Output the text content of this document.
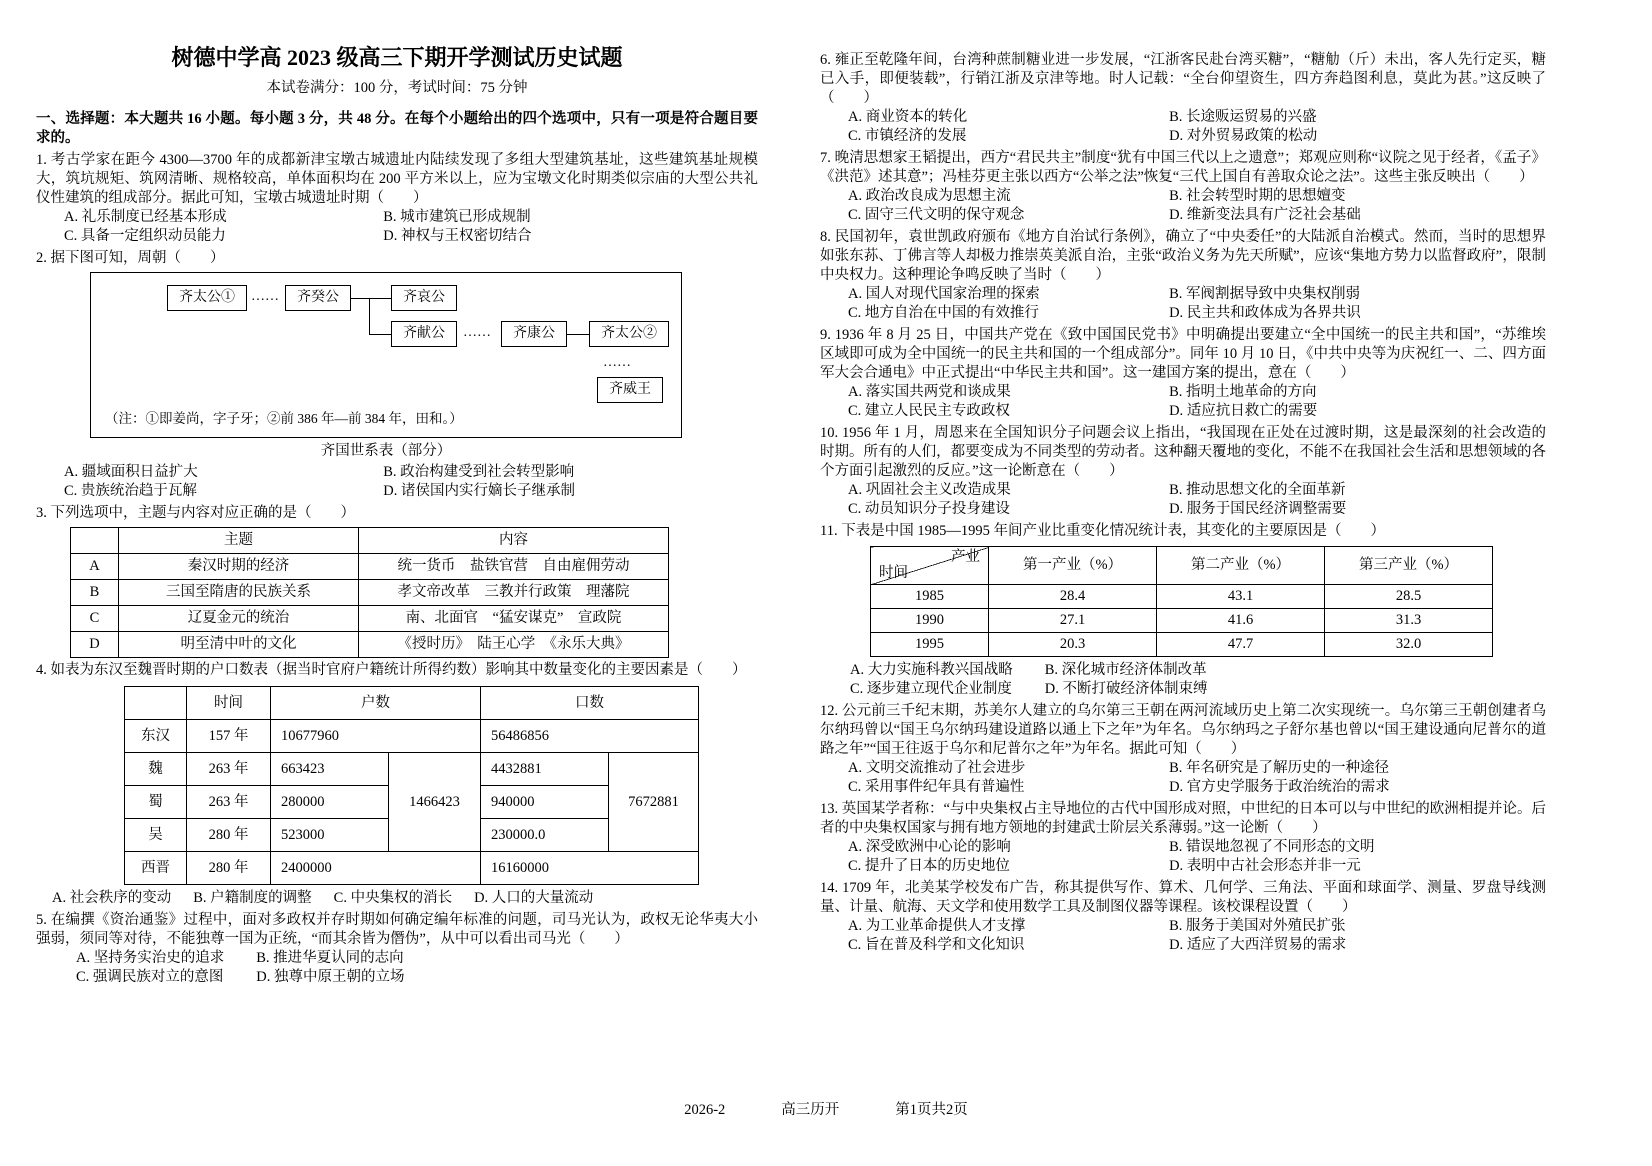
树德中学高 2023 级高三下期开学测试历史试题

本试卷满分：100 分，考试时间：75 分钟

一、选择题：本大题共 16 小题。每小题 3 分，共 48 分。在每个小题给出的四个选项中，只有一项是符合题目要求的。

1. 考古学家在距今 4300—3700 年的成都新津宝墩古城遗址内陆续发现了多组大型建筑基址，这些建筑基址规模大，筑坑规矩、筑网清晰、规格较高，单体面积均在 200 平方米以上，应为宝墩文化时期类似宗庙的大型公共礼仪性建筑的组成部分。据此可知，宝墩古城遗址时期（　　）

A. 礼乐制度已经基本形成	B. 城市建筑已形成规制
C. 具备一定组织动员能力	D. 神权与王权密切结合

2. 据下图可知，周朝（　　）

齐太公①	……	齐癸公	齐哀公
齐献公	……	齐康公	齐太公②
……
齐威王
（注：①即姜尚，字子牙；②前 386 年—前 384 年，田和。）
齐国世系表（部分）
A. 疆域面积日益扩大	B. 政治构建受到社会转型影响
C. 贵族统治趋于瓦解	D. 诸侯国内实行嫡长子继承制

3. 下列选项中，主题与内容对应正确的是（　　）

	主题	内容
A	秦汉时期的经济	统一货币　盐铁官营　自由雇佣劳动
B	三国至隋唐的民族关系	孝文帝改革　三教并行政策　理藩院
C	辽夏金元的统治	南、北面官　“猛安谋克”　宣政院
D	明至清中叶的文化	《授时历》　陆王心学　《永乐大典》

4. 如表为东汉至魏晋时期的户口数表（据当时官府户籍统计所得约数）影响其中数量变化的主要因素是（　　）

	时间	户数		口数	
东汉	157 年	10677960		56486856	
魏	263 年	663423	1466423	4432881	7672881
蜀	263 年	280000		940000	
吴	280 年	523000		230000.0	
西晋	280 年	2400000		16160000	
A. 社会秩序的变动 B. 户籍制度的调整 C. 中央集权的消长 D. 人口的大量流动

5. 在编撰《资治通鉴》过程中，面对多政权并存时期如何确定编年标准的问题，司马光认为，政权无论华夷大小强弱，须同等对待，不能独尊一国为正统，“而其余皆为僭伪”，从中可以看出司马光（　　）

A. 坚持务实治史的追求 B. 推进华夏认同的志向
C. 强调民族对立的意图 D. 独尊中原王朝的立场

6. 雍正至乾隆年间，台湾种蔗制糖业进一步发展，“江浙客民赴台湾买糖”，“糖觔（斤）未出，客人先行定买，糖已入手，即便装载”，行销江浙及京津等地。时人记载：“全台仰望资生，四方奔趋图利息，莫此为甚。”这反映了（　　）

A. 商业资本的转化	B. 长途贩运贸易的兴盛
C. 市镇经济的发展	D. 对外贸易政策的松动

7. 晚清思想家王韬提出，西方“君民共主”制度“犹有中国三代以上之遗意”；郑观应则称“议院之见于经者，《孟子》《洪范》述其意”；冯桂芬更主张以西方“公举之法”恢复“三代上国自有善取众论之法”。这些主张反映出（　　）

A. 政治改良成为思想主流	B. 社会转型时期的思想嬗变
C. 固守三代文明的保守观念	D. 维新变法具有广泛社会基础

8. 民国初年，袁世凯政府颁布《地方自治试行条例》，确立了“中央委任”的大陆派自治模式。然而，当时的思想界如张东荪、丁佛言等人却极力推崇英美派自治，主张“政治义务为先天所赋”，应该“集地方势力以监督政府”，限制中央权力。这种理论争鸣反映了当时（　　）

A. 国人对现代国家治理的探索	B. 军阀割据导致中央集权削弱
C. 地方自治在中国的有效推行	D. 民主共和政体成为各界共识

9. 1936 年 8 月 25 日，中国共产党在《致中国国民党书》中明确提出要建立“全中国统一的民主共和国”，“苏维埃区域即可成为全中国统一的民主共和国的一个组成部分”。同年 10 月 10 日，《中共中央等为庆祝红一、二、四方面军大会合通电》中正式提出“中华民主共和国”。这一建国方案的提出，意在（　　）

A. 落实国共两党和谈成果	B. 指明土地革命的方向
C. 建立人民民主专政政权	D. 适应抗日救亡的需要

10. 1956 年 1 月，周恩来在全国知识分子问题会议上指出，“我国现在正处在过渡时期，这是最深刻的社会改造的时期。所有的人们，都要变成为不同类型的劳动者。这种翻天覆地的变化，不能不在我国社会生活和思想领域的各个方面引起激烈的反应。”这一论断意在（　　）

A. 巩固社会主义改造成果	B. 推动思想文化的全面革新
C. 动员知识分子投身建设	D. 服务于国民经济调整需要

11. 下表是中国 1985—1995 年间产业比重变化情况统计表，其变化的主要原因是（　　）

产业
时间	第一产业（%）	第二产业（%）	第三产业（%）
1985	28.4	43.1	28.5
1990	27.1	41.6	31.3
1995	20.3	47.7	32.0
A. 大力实施科教兴国战略 B. 深化城市经济体制改革
C. 逐步建立现代企业制度 D. 不断打破经济体制束缚

12. 公元前三千纪末期，苏美尔人建立的乌尔第三王朝在两河流域历史上第二次实现统一。乌尔第三王朝创建者乌尔纳玛曾以“国王乌尔纳玛建设道路以通上下之年”为年名。乌尔纳玛之子舒尔基也曾以“国王建设通向尼普尔的道路之年”“国王往返于乌尔和尼普尔之年”为年名。据此可知（　　）

A. 文明交流推动了社会进步	B. 年名研究是了解历史的一种途径
C. 采用事件纪年具有普遍性	D. 官方史学服务于政治统治的需求

13. 英国某学者称：“与中央集权占主导地位的古代中国形成对照，中世纪的日本可以与中世纪的欧洲相提并论。后者的中央集权国家与拥有地方领地的封建武士阶层关系薄弱。”这一论断（　　）

A. 深受欧洲中心论的影响	B. 错误地忽视了不同形态的文明
C. 提升了日本的历史地位	D. 表明中古社会形态并非一元

14. 1709 年，北美某学校发布广告，称其提供写作、算术、几何学、三角法、平面和球面学、测量、罗盘导线测量、计量、航海、天文学和使用数学工具及制图仪器等课程。该校课程设置（　　）

A. 为工业革命提供人才支撑	B. 服务于美国对外殖民扩张
C. 旨在普及科学和文化知识	D. 适应了大西洋贸易的需求
2026-2	高三历开	第1页共2页
